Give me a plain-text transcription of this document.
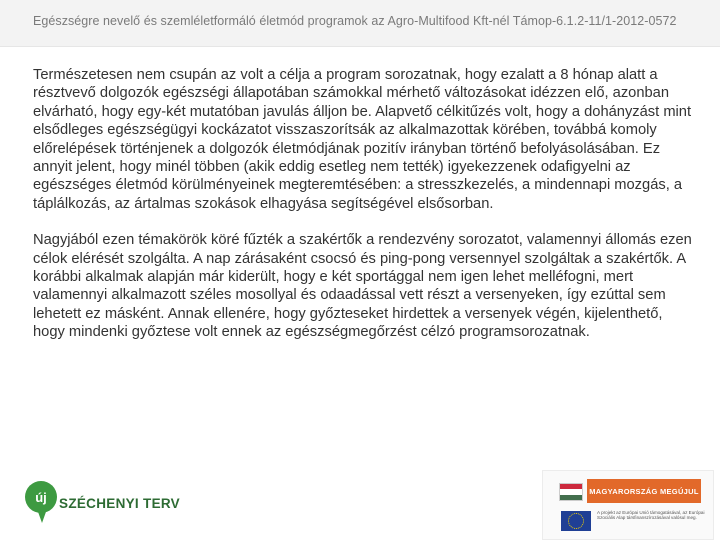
Egészségre nevelő és szemléletformáló életmód programok az Agro-Multifood Kft-nél Támop-6.1.2-11/1-2012-0572

Természetesen nem csupán az volt a célja a program sorozatnak, hogy ezalatt a 8 hónap alatt a résztvevő dolgozók egészségi állapotában számokkal mérhető változásokat idézzen elő, azonban elvárható, hogy egy-két mutatóban javulás álljon be. Alapvető célkitűzés volt, hogy a dohányzást mint elsődleges egészségügyi kockázatot visszaszorítsák az alkalmazottak körében, továbbá komoly előrelépések történjenek a dolgozók életmódjának pozitív irányban történő befolyásolásában. Ez annyit jelent, hogy minél többen (akik eddig esetleg nem tették) igyekezzenek odafigyelni az egészséges életmód körülményeinek megteremtésében: a stresszkezelés, a mindennapi mozgás, a táplálkozás, az ártalmas szokások elhagyása segítségével elsősorban.

Nagyjából ezen témakörök köré fűzték a szakértők a rendezvény sorozatot, valamennyi állomás ezen célok elérését szolgálta. A nap zárásaként csocsó és ping-pong versennyel szolgáltak a szakértők. A korábbi alkalmak alapján már kiderült, hogy e két sportággal nem igen lehet melléfogni, mert valamennyi alkalmazott széles mosollyal és odaadással vett részt a versenyeken, így ezúttal sem lehetett ez másként. Annak ellenére, hogy győzteseket hirdettek a versenyek végén, kijelenthető, hogy mindenki győztese volt ennek az egészségmegőrzést célzó programsorozatnak.

új SZÉCHENYI TERV
MAGYARORSZÁG MEGÚJUL
A projekt az Európai Unió támogatásával, az Európai Szociális Alap társfinanszírozásával valósul meg.
